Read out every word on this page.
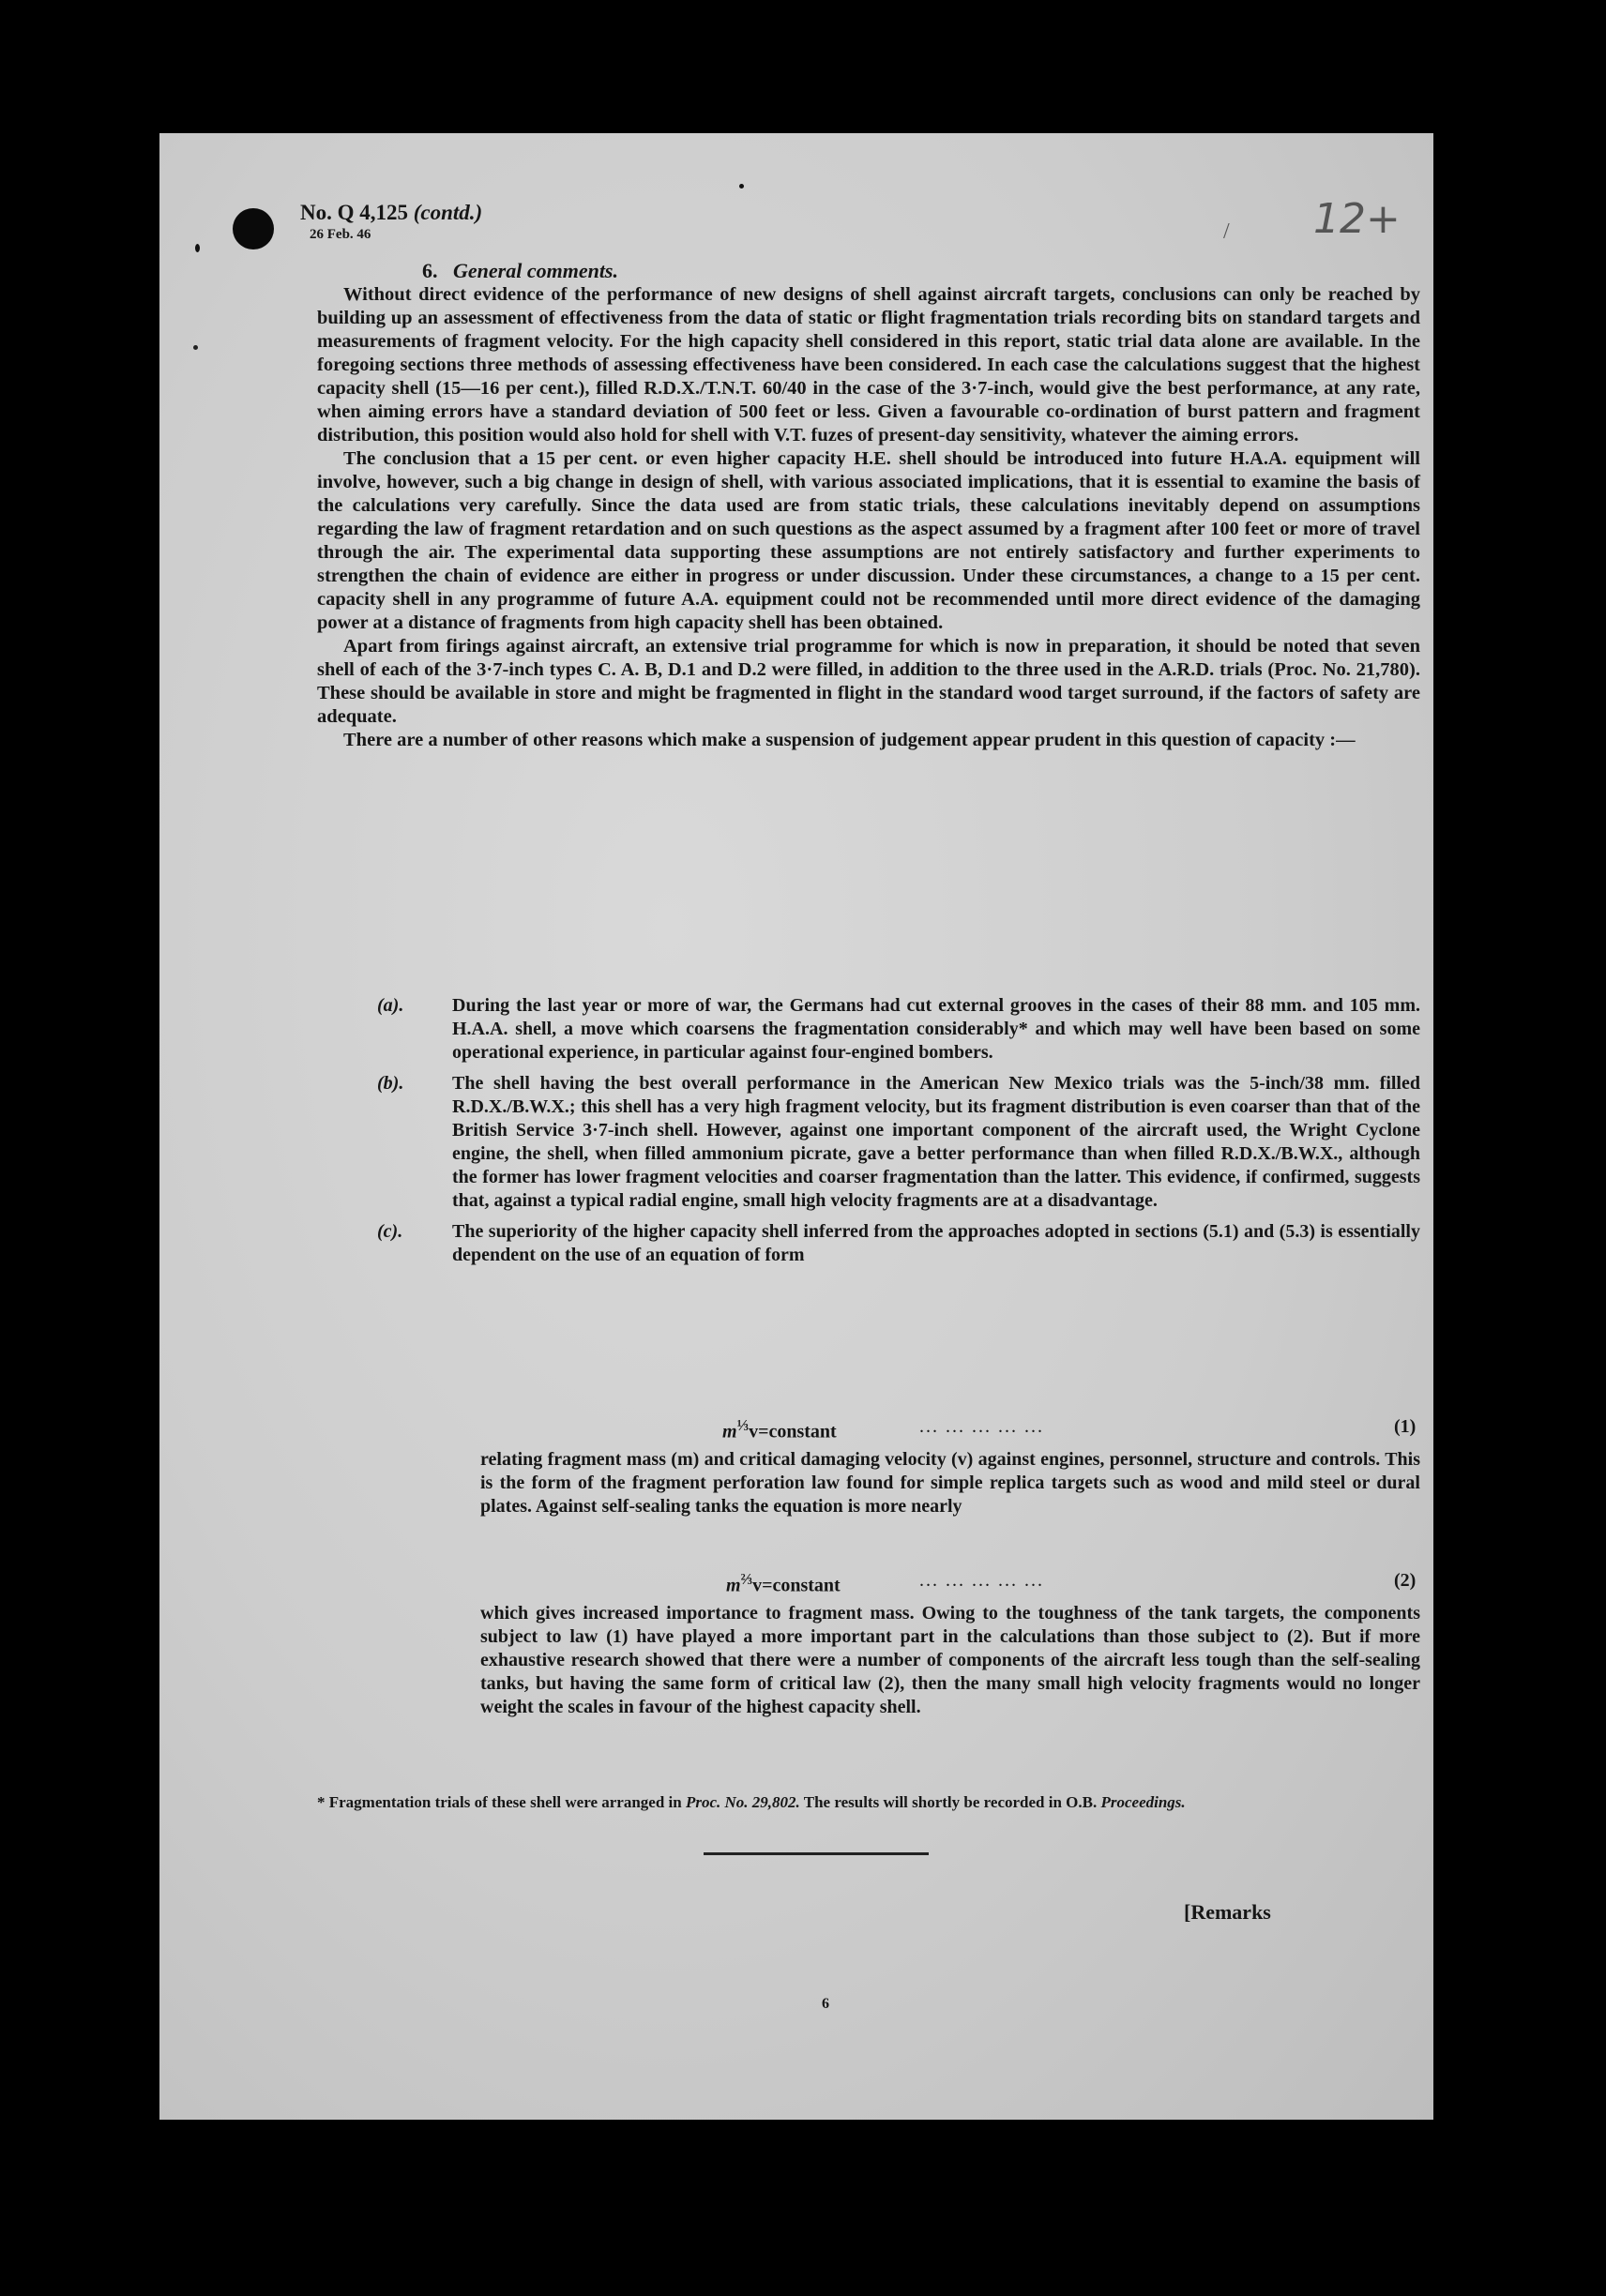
No. Q 4,125 (contd.)
26 Feb. 46	12+
/
6. General comments.

Without direct evidence of the performance of new designs of shell against aircraft targets, conclusions can only be reached by building up an assessment of effectiveness from the data of static or flight fragmentation trials recording bits on standard targets and measurements of fragment velocity. For the high capacity shell considered in this report, static trial data alone are available. In the foregoing sections three methods of assessing effectiveness have been considered. In each case the calculations suggest that the highest capacity shell (15—16 per cent.), filled R.D.X./T.N.T. 60/40 in the case of the 3·7-inch, would give the best performance, at any rate, when aiming errors have a standard deviation of 500 feet or less. Given a favourable co-ordination of burst pattern and fragment distribution, this position would also hold for shell with V.T. fuzes of present-day sensitivity, whatever the aiming errors.

The conclusion that a 15 per cent. or even higher capacity H.E. shell should be introduced into future H.A.A. equipment will involve, however, such a big change in design of shell, with various associated implications, that it is essential to examine the basis of the calculations very carefully. Since the data used are from static trials, these calculations inevitably depend on assumptions regarding the law of fragment retardation and on such questions as the aspect assumed by a fragment after 100 feet or more of travel through the air. The experimental data supporting these assumptions are not entirely satisfactory and further experiments to strengthen the chain of evidence are either in progress or under discussion. Under these circumstances, a change to a 15 per cent. capacity shell in any programme of future A.A. equipment could not be recommended until more direct evidence of the damaging power at a distance of fragments from high capacity shell has been obtained.

Apart from firings against aircraft, an extensive trial programme for which is now in preparation, it should be noted that seven shell of each of the 3·7-inch types C. A. B, D.1 and D.2 were filled, in addition to the three used in the A.R.D. trials (Proc. No. 21,780). These should be available in store and might be fragmented in flight in the standard wood target surround, if the factors of safety are adequate.

There are a number of other reasons which make a suspension of judgement appear prudent in this question of capacity :—

(a).	During the last year or more of war, the Germans had cut external grooves in the cases of their 88 mm. and 105 mm. H.A.A. shell, a move which coarsens the fragmentation considerably* and which may well have been based on some operational experience, in particular against four-engined bombers.
(b).	The shell having the best overall performance in the American New Mexico trials was the 5-inch/38 mm. filled R.D.X./B.W.X.; this shell has a very high fragment velocity, but its fragment distribution is even coarser than that of the British Service 3·7-inch shell. However, against one important component of the aircraft used, the Wright Cyclone engine, the shell, when filled ammonium picrate, gave a better performance than when filled R.D.X./B.W.X., although the former has lower fragment velocities and coarser fragmentation than the latter. This evidence, if confirmed, suggests that, against a typical radial engine, small high velocity fragments are at a disadvantage.
(c).	The superiority of the higher capacity shell inferred from the approaches adopted in sections (5.1) and (5.3) is essentially dependent on the use of an equation of form
$m^{\frac{1}{3}}v=constant$	... ... ... ... ...	(1)
relating fragment mass (m) and critical damaging velocity (v) against engines, personnel, structure and controls. This is the form of the fragment perforation law found for simple replica targets such as wood and mild steel or dural plates. Against self-sealing tanks the equation is more nearly
$m^{\frac{2}{3}}v=constant$	... ... ... ... ...	(2)
which gives increased importance to fragment mass. Owing to the toughness of the tank targets, the components subject to law (1) have played a more important part in the calculations than those subject to (2). But if more exhaustive research showed that there were a number of components of the aircraft less tough than the self-sealing tanks, but having the same form of critical law (2), then the many small high velocity fragments would no longer weight the scales in favour of the highest capacity shell.
* Fragmentation trials of these shell were arranged in Proc. No. 29,802. The results will shortly be recorded in O.B. Proceedings.
[Remarks
6
